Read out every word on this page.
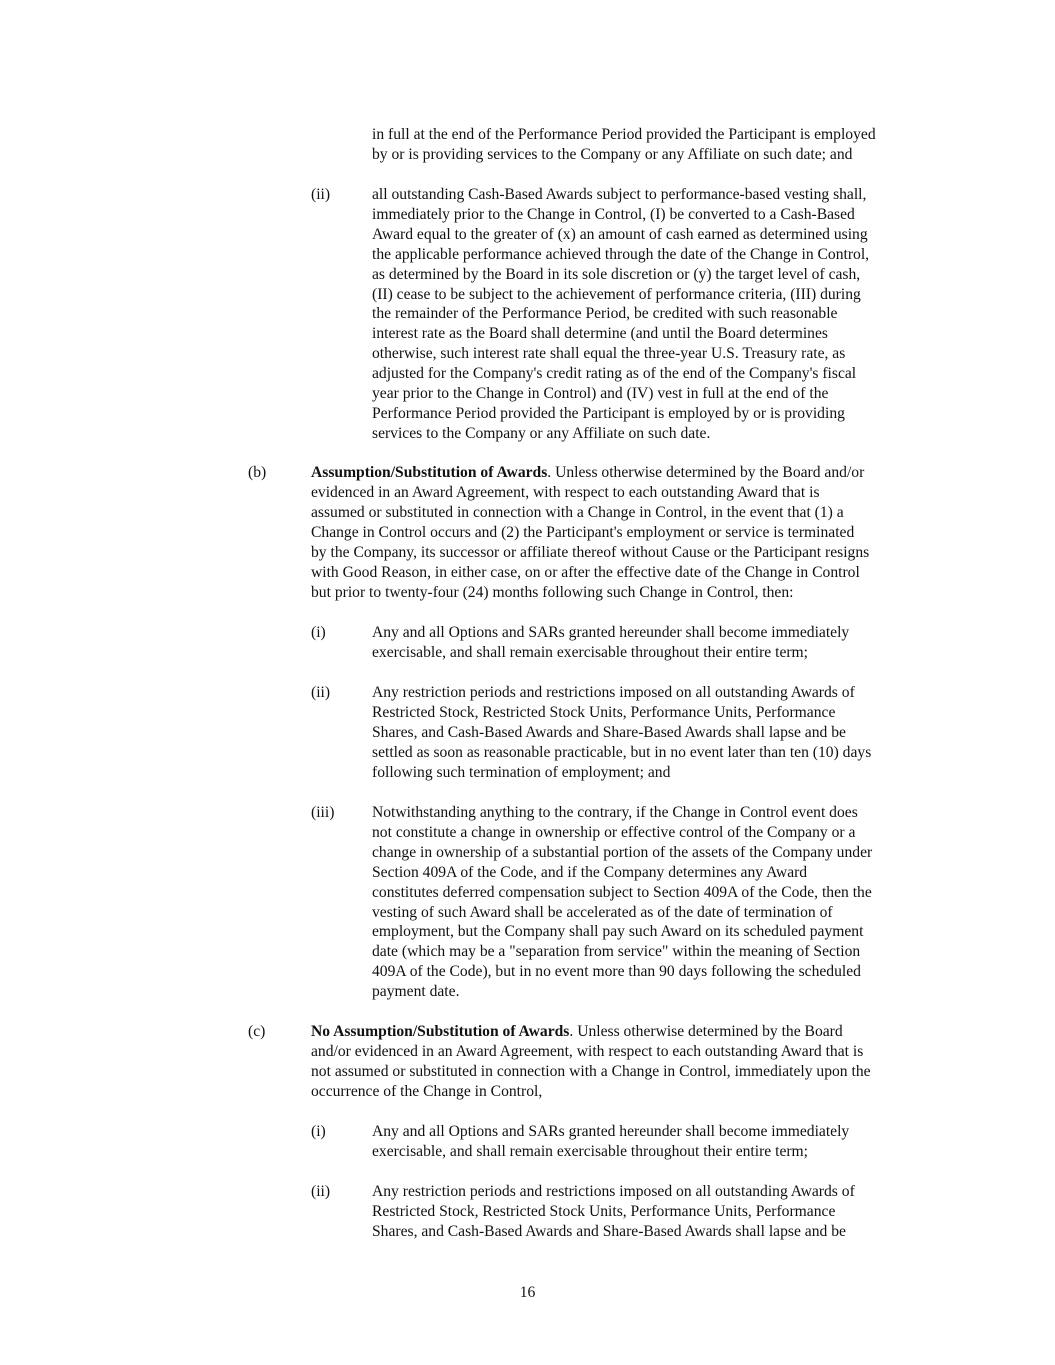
in full at the end of the Performance Period provided the Participant is employed
by or is providing services to the Company or any Affiliate on such date; and

(ii)	all outstanding Cash-Based Awards subject to performance-based vesting shall,
immediately prior to the Change in Control, (I) be converted to a Cash-Based
Award equal to the greater of (x) an amount of cash earned as determined using
the applicable performance achieved through the date of the Change in Control,
as determined by the Board in its sole discretion or (y) the target level of cash,
(II) cease to be subject to the achievement of performance criteria, (III) during
the remainder of the Performance Period, be credited with such reasonable
interest rate as the Board shall determine (and until the Board determines
otherwise, such interest rate shall equal the three-year U.S. Treasury rate, as
adjusted for the Company's credit rating as of the end of the Company's fiscal
year prior to the Change in Control) and (IV) vest in full at the end of the
Performance Period provided the Participant is employed by or is providing
services to the Company or any Affiliate on such date.

(b)	Assumption/Substitution of Awards. Unless otherwise determined by the Board and/or

evidenced in an Award Agreement, with respect to each outstanding Award that is
assumed or substituted in connection with a Change in Control, in the event that (1) a
Change in Control occurs and (2) the Participant's employment or service is terminated
by the Company, its successor or affiliate thereof without Cause or the Participant resigns
with Good Reason, in either case, on or after the effective date of the Change in Control
but prior to twenty-four (24) months following such Change in Control, then:

(i)	Any and all Options and SARs granted hereunder shall become immediately
exercisable, and shall remain exercisable throughout their entire term;

(ii)	Any restriction periods and restrictions imposed on all outstanding Awards of
Restricted Stock, Restricted Stock Units, Performance Units, Performance
Shares, and Cash-Based Awards and Share-Based Awards shall lapse and be
settled as soon as reasonable practicable, but in no event later than ten (10) days
following such termination of employment; and

(iii) Notwithstanding anything to the contrary, if the Change in Control event does
not constitute a change in ownership or effective control of the Company or a
change in ownership of a substantial portion of the assets of the Company under
Section 409A of the Code, and if the Company determines any Award
constitutes deferred compensation subject to Section 409A of the Code, then the
vesting of such Award shall be accelerated as of the date of termination of
employment, but the Company shall pay such Award on its scheduled payment
date (which may be a "separation from service" within the meaning of Section
409A of the Code), but in no event more than 90 days following the scheduled
payment date.

(c)	No Assumption/Substitution of Awards. Unless otherwise determined by the Board

and/or evidenced in an Award Agreement, with respect to each outstanding Award that is
not assumed or substituted in connection with a Change in Control, immediately upon the
occurrence of the Change in Control,

(i)	Any and all Options and SARs granted hereunder shall become immediately
exercisable, and shall remain exercisable throughout their entire term;

(ii)	Any restriction periods and restrictions imposed on all outstanding Awards of
Restricted Stock, Restricted Stock Units, Performance Units, Performance
Shares, and Cash-Based Awards and Share-Based Awards shall lapse and be

16
